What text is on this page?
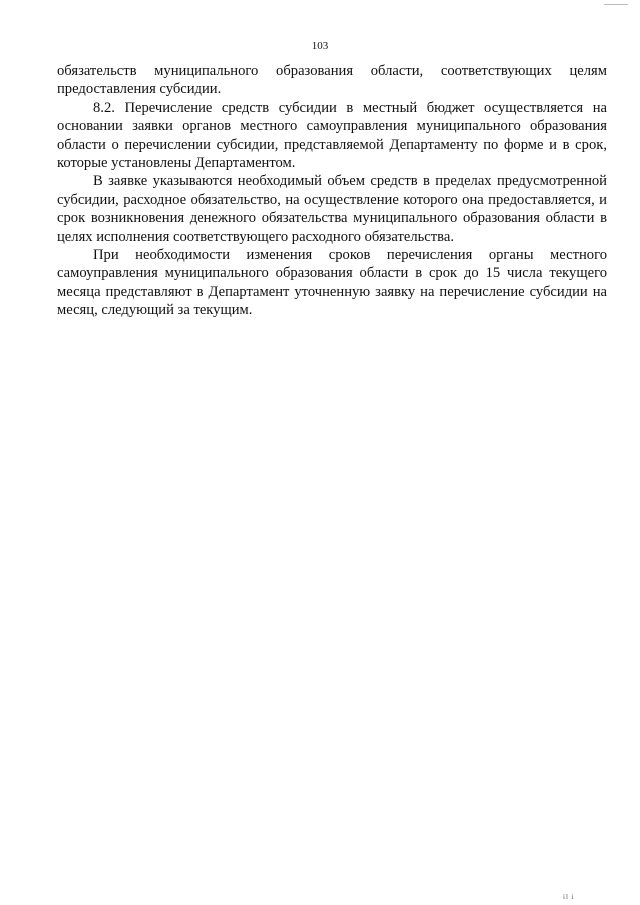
103

обязательств муниципального образования области, соответствующих целям предоставления субсидии.

8.2. Перечисление средств субсидии в местный бюджет осуществляется на основании заявки органов местного самоуправления муниципального образования области о перечислении субсидии, представляемой Департаменту по форме и в срок, которые установлены Департаментом.

В заявке указываются необходимый объем средств в пределах предусмотренной субсидии, расходное обязательство, на осуществление которого она предоставляется, и срок возникновения денежного обязательства муниципального образования области в целях исполнения соответствующего расходного обязательства.

При необходимости изменения сроков перечисления органы местного самоуправления муниципального образования области в срок до 15 числа текущего месяца представляют в Департамент уточненную заявку на перечисление субсидии на месяц, следующий за текущим.

il i
